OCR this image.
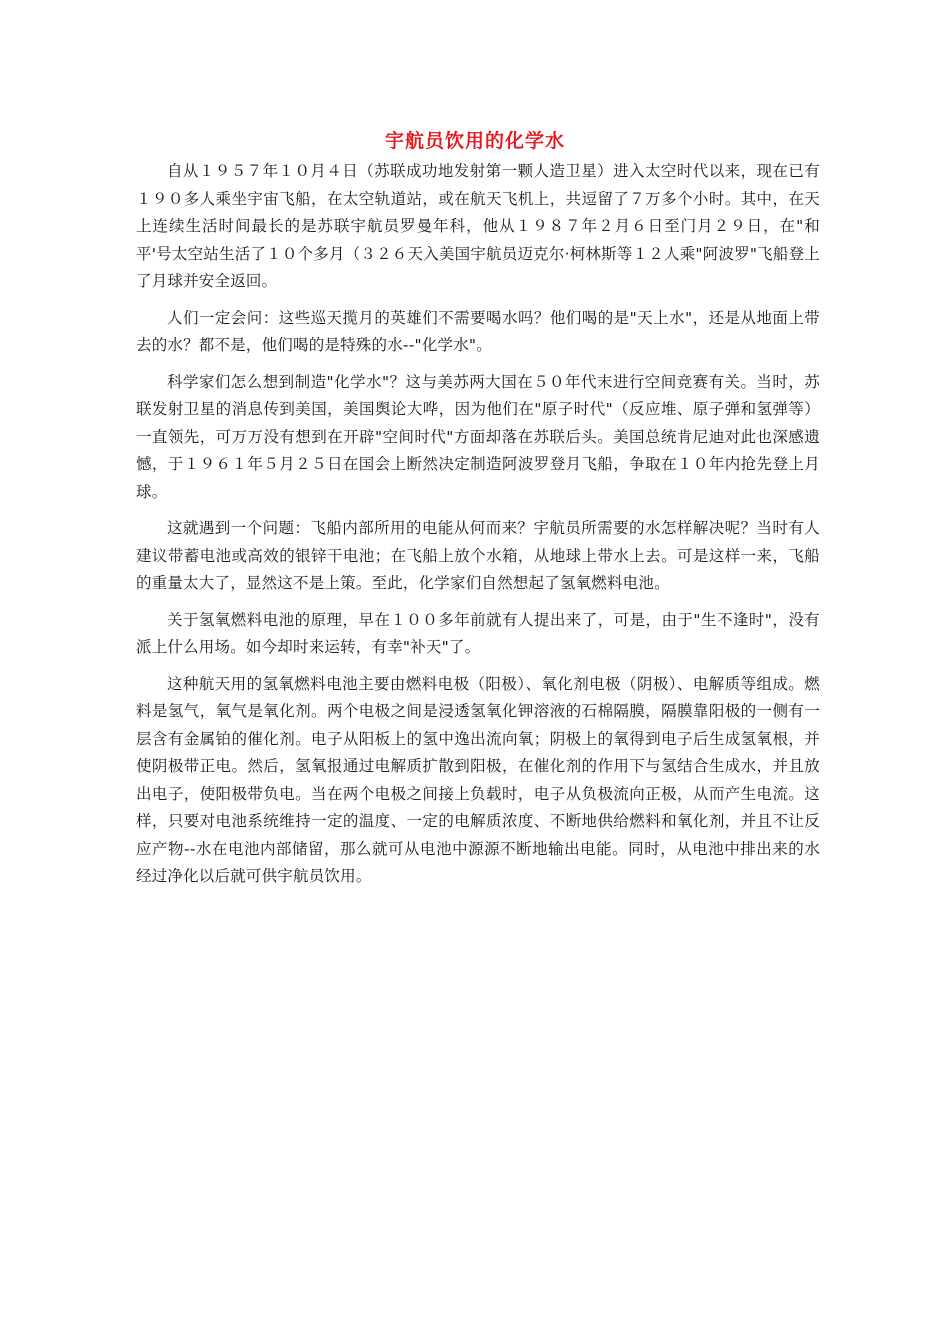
宇航员饮用的化学水

自从１９５７年１０月４日（苏联成功地发射第一颗人造卫星）进入太空时代以来，现在已有１９０多人乘坐宇宙飞船，在太空轨道站，或在航天飞机上，共逗留了７万多个小时。其中，在天上连续生活时间最长的是苏联宇航员罗曼年科，他从１９８７年２月６日至门月２９日，在"和平'号太空站生活了１０个多月（３２６天入美国宇航员迈克尔·柯林斯等１２人乘"阿波罗"飞船登上了月球并安全返回。

人们一定会问：这些巡天揽月的英雄们不需要喝水吗？他们喝的是"天上水"，还是从地面上带去的水？都不是，他们喝的是特殊的水--"化学水"。

科学家们怎么想到制造"化学水"？这与美苏两大国在５０年代末进行空间竞赛有关。当时，苏联发射卫星的消息传到美国，美国舆论大哗，因为他们在"原子时代"（反应堆、原子弹和氢弹等）一直领先，可万万没有想到在开辟"空间时代"方面却落在苏联后头。美国总统肯尼迪对此也深感遗憾，于１９６１年５月２５日在国会上断然决定制造阿波罗登月飞船，争取在１０年内抢先登上月球。

这就遇到一个问题：飞船内部所用的电能从何而来？宇航员所需要的水怎样解决呢？当时有人建议带蓄电池或高效的银锌干电池；在飞船上放个水箱，从地球上带水上去。可是这样一来，飞船的重量太大了，显然这不是上策。至此，化学家们自然想起了氢氧燃料电池。

关于氢氧燃料电池的原理，早在１００多年前就有人提出来了，可是，由于"生不逢时"，没有派上什么用场。如今却时来运转，有幸"补天"了。

这种航天用的氢氧燃料电池主要由燃料电极（阳极）、氧化剂电极（阴极）、电解质等组成。燃料是氢气，氧气是氧化剂。两个电极之间是浸透氢氧化钾溶液的石棉隔膜，隔膜靠阳极的一侧有一层含有金属铂的催化剂。电子从阳板上的氢中逸出流向氧；阴极上的氧得到电子后生成氢氧根，并使阴极带正电。然后，氢氧报通过电解质扩散到阳极，在催化剂的作用下与氢结合生成水，并且放出电子，使阳极带负电。当在两个电极之间接上负载时，电子从负极流向正极，从而产生电流。这样，只要对电池系统维持一定的温度、一定的电解质浓度、不断地供给燃料和氧化剂，并且不让反应产物--水在电池内部储留，那么就可从电池中源源不断地输出电能。同时，从电池中排出来的水经过净化以后就可供宇航员饮用。
